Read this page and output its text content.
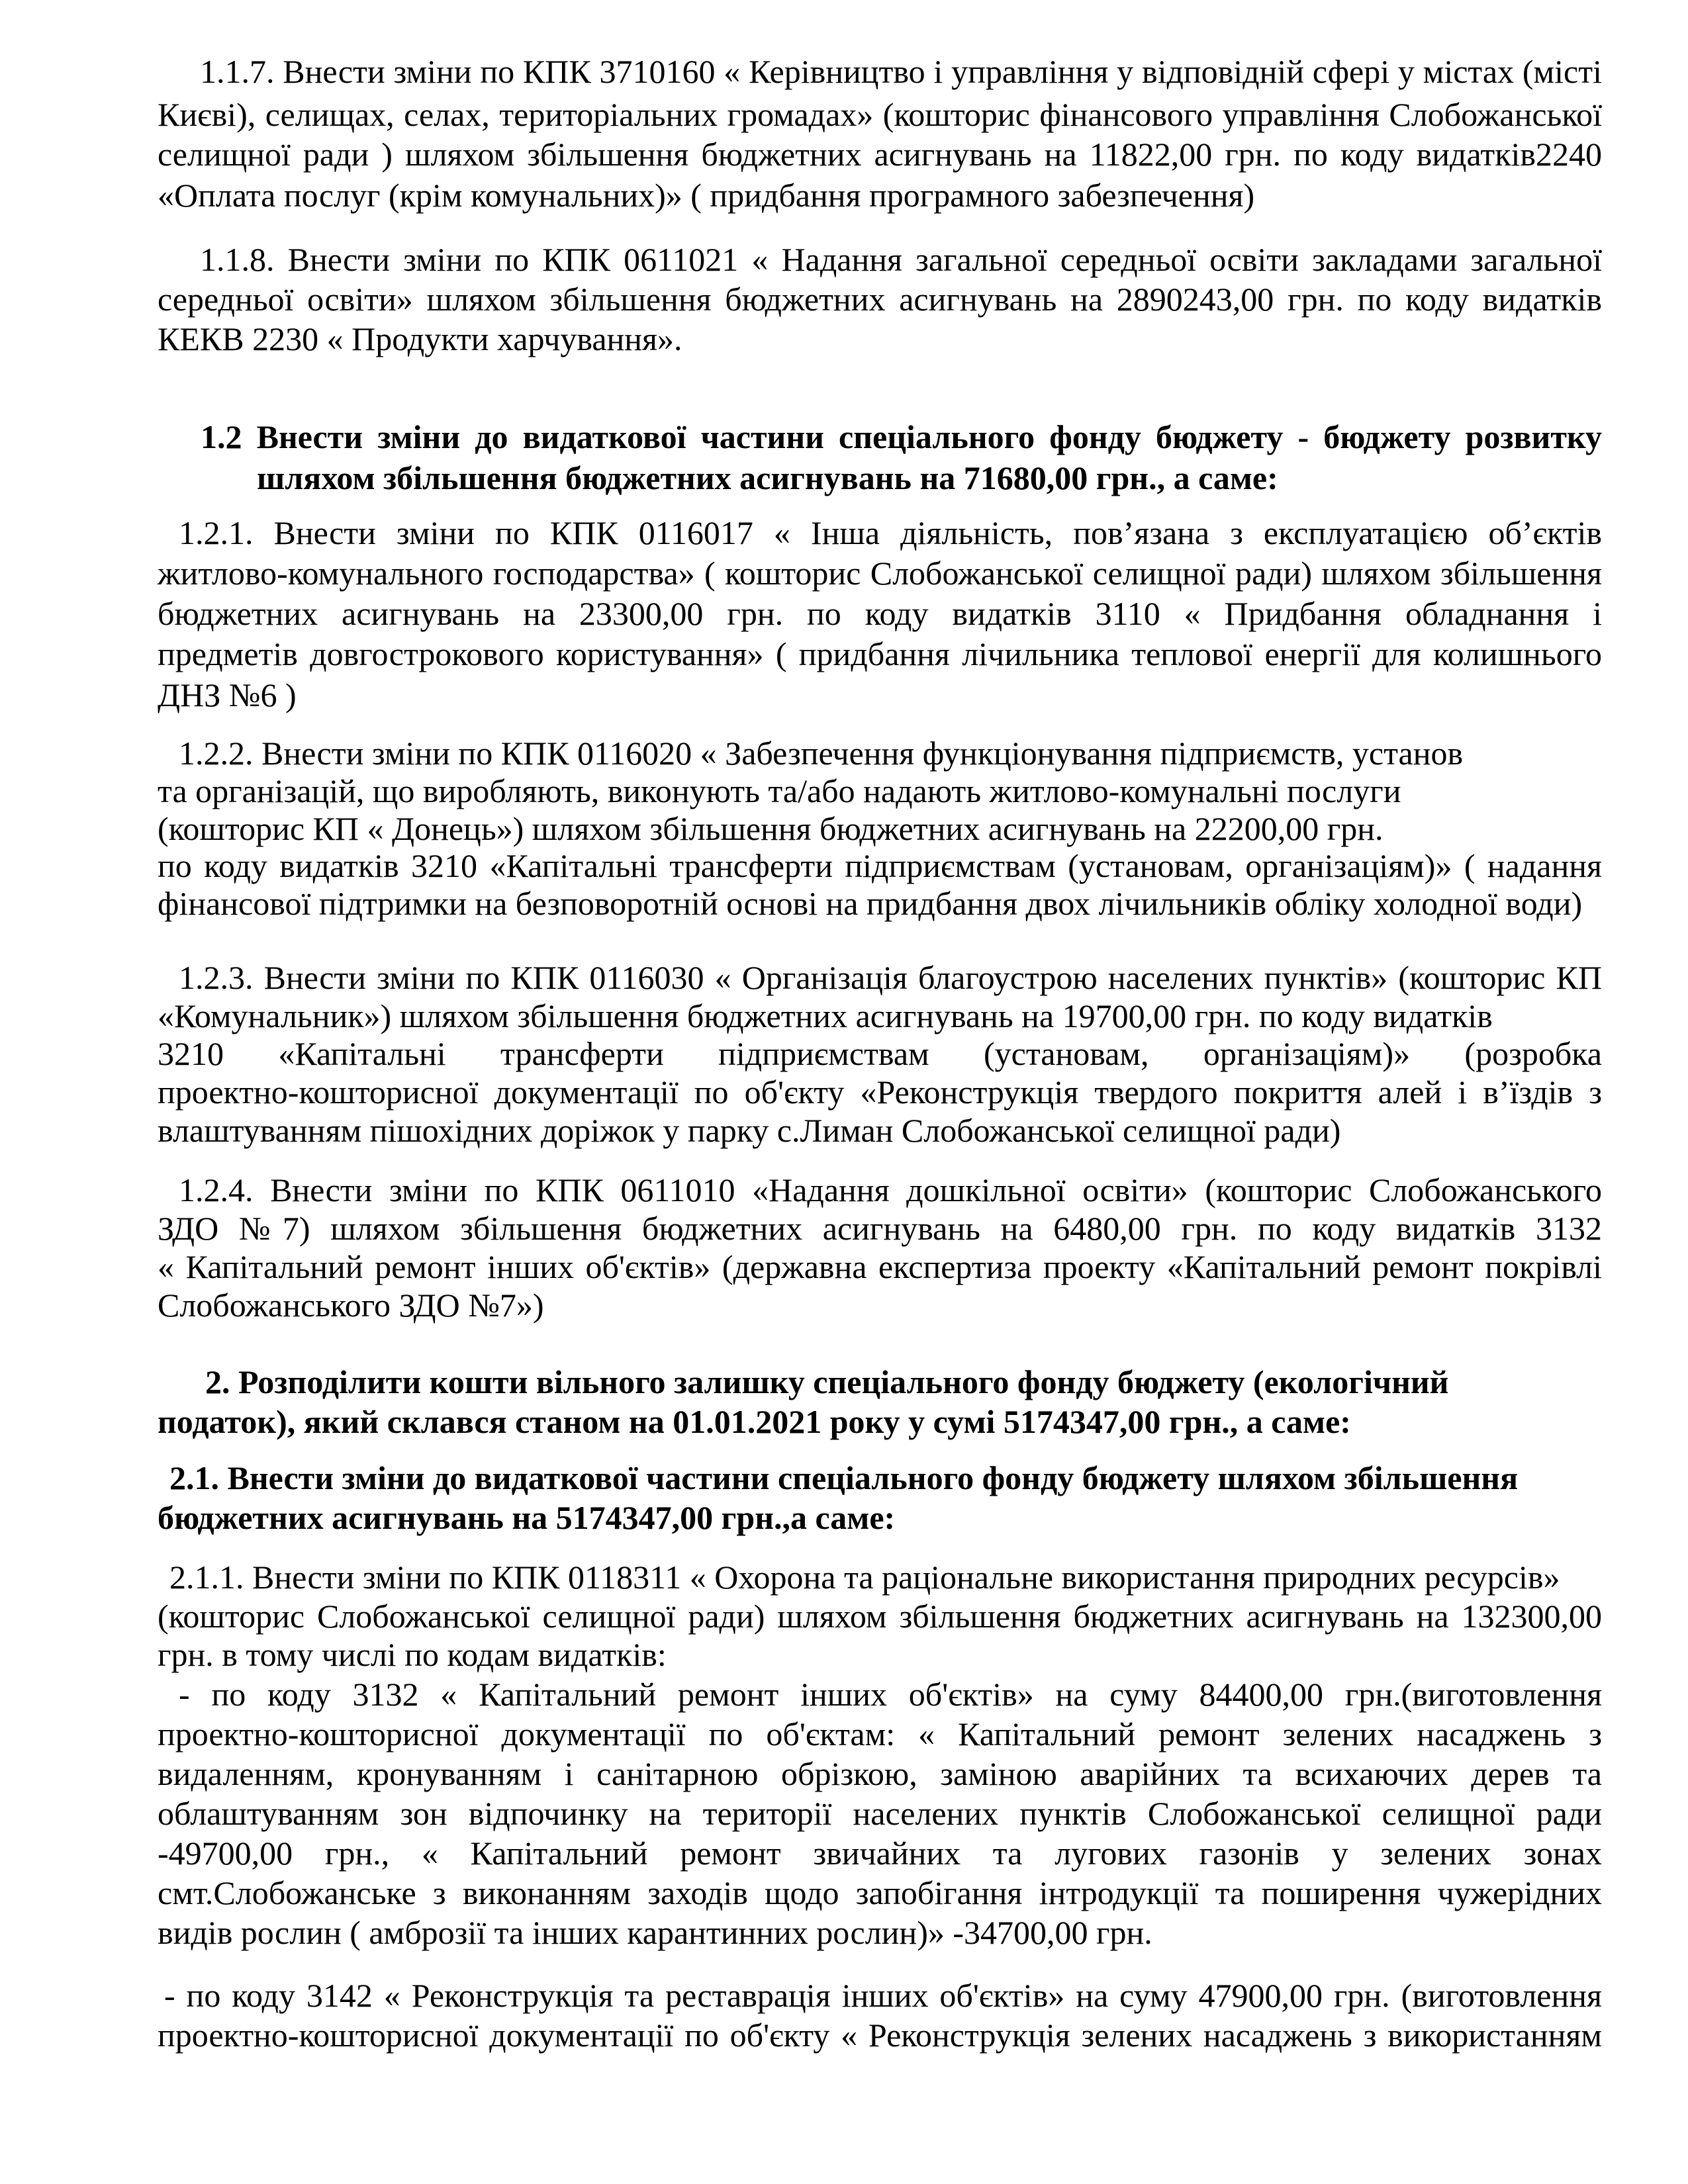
1.1.7. Внести зміни по КПК 3710160 « Керівництво і управління у відповідній сфері у містах (місті
Києві), селищах, селах, територіальних громадах» (кошторис фінансового управління Слобожанської
селищної ради ) шляхом збільшення бюджетних асигнувань на 11822,00 грн. по коду видатків2240
«Оплата послуг (крім комунальних)» ( придбання програмного забезпечення)
1.1.8. Внести зміни по КПК 0611021 « Надання загальної середньої освіти закладами загальної
середньої освіти» шляхом збільшення бюджетних асигнувань на 2890243,00 грн. по коду видатків
КЕКВ 2230 « Продукти харчування».
1.2 Внести зміни до видаткової частини спеціального фонду бюджету - бюджету розвитку
шляхом збільшення бюджетних асигнувань на 71680,00 грн., а саме:
1.2.1. Внести зміни по КПК 0116017 « Інша діяльність, пов’язана з експлуатацією об’єктів
житлово-комунального господарства» ( кошторис Слобожанської селищної ради) шляхом збільшення
бюджетних асигнувань на 23300,00 грн. по коду видатків 3110 « Придбання обладнання і
предметів довгострокового користування» ( придбання лічильника теплової енергії для колишнього
ДНЗ №6 )
1.2.2. Внести зміни по КПК 0116020 « Забезпечення функціонування підприємств, установ
та організацій, що виробляють, виконують та/або надають житлово-комунальні послуги
(кошторис КП « Донець») шляхом збільшення бюджетних асигнувань на 22200,00 грн.
по коду видатків 3210 «Капітальні трансферти підприємствам (установам, організаціям)» ( надання
фінансової підтримки на безповоротній основі на придбання двох лічильників обліку холодної води)
1.2.3. Внести зміни по КПК 0116030 « Організація благоустрою населених пунктів» (кошторис КП
«Комунальник») шляхом збільшення бюджетних асигнувань на 19700,00 грн. по коду видатків
3210 «Капітальні трансферти підприємствам (установам, організаціям)» (розробка
проектно-кошторисної документації по об'єкту «Реконструкція твердого покриття алей і в’їздів з
влаштуванням пішохідних доріжок у парку с.Лиман Слобожанської селищної ради)
1.2.4. Внести зміни по КПК 0611010 «Надання дошкільної освіти» (кошторис Слобожанського
ЗДО №7) шляхом збільшення бюджетних асигнувань на 6480,00 грн. по коду видатків 3132
« Капітальний ремонт інших об'єктів» (державна експертиза проекту «Капітальний ремонт покрівлі
Слобожанського ЗДО №7»)
2. Розподілити кошти вільного залишку спеціального фонду бюджету (екологічний
податок), який склався станом на 01.01.2021 року у сумі 5174347,00 грн., а саме:
2.1. Внести зміни до видаткової частини спеціального фонду бюджету шляхом збільшення
бюджетних асигнувань на 5174347,00 грн.,а саме:
2.1.1. Внести зміни по КПК 0118311 « Охорона та раціональне використання природних ресурсів»
(кошторис Слобожанської селищної ради) шляхом збільшення бюджетних асигнувань на 132300,00
грн. в тому числі по кодам видатків:
- по коду 3132 « Капітальний ремонт інших об'єктів» на суму 84400,00 грн.(виготовлення
проектно-кошторисної документації по об'єктам: « Капітальний ремонт зелених насаджень з
видаленням, кронуванням і санітарною обрізкою, заміною аварійних та всихаючих дерев та
облаштуванням зон відпочинку на території населених пунктів Слобожанської селищної ради
-49700,00 грн., « Капітальний ремонт звичайних та лугових газонів у зелених зонах
смт.Слобожанське з виконанням заходів щодо запобігання інтродукції та поширення чужерідних
видів рослин ( амброзії та інших карантинних рослин)» -34700,00 грн.
- по коду 3142 « Реконструкція та реставрація інших об'єктів» на суму 47900,00 грн. (виготовлення
проектно-кошторисної документації по об'єкту « Реконструкція зелених насаджень з використанням
